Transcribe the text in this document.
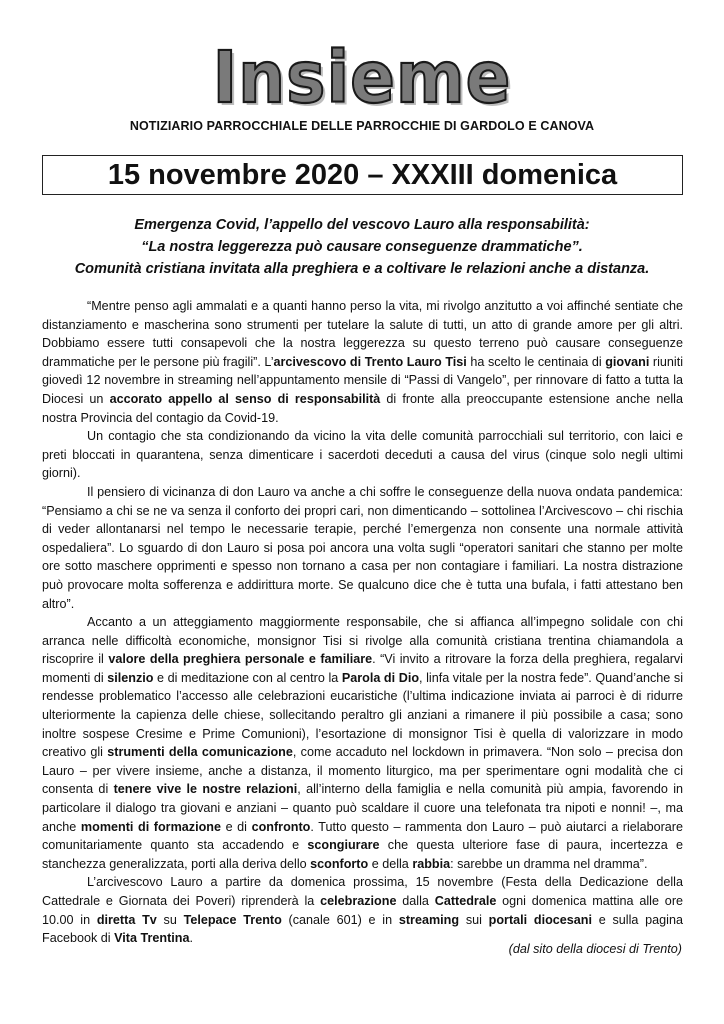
Insieme
NOTIZIARIO PARROCCHIALE DELLE PARROCCHIE DI GARDOLO E CANOVA
15 novembre 2020 – XXXIII domenica
Emergenza Covid, l’appello del vescovo Lauro alla responsabilità:
“La nostra leggerezza può causare conseguenze drammatiche”.
Comunità cristiana invitata alla preghiera e a coltivare le relazioni anche a distanza.

“Mentre penso agli ammalati e a quanti hanno perso la vita, mi rivolgo anzitutto a voi affinché sentiate che distanziamento e mascherina sono strumenti per tutelare la salute di tutti, un atto di grande amore per gli altri. Dobbiamo essere tutti consapevoli che la nostra leggerezza su questo terreno può causare conseguenze drammatiche per le persone più fragili”. L’arcivescovo di Trento Lauro Tisi ha scelto le centinaia di giovani riuniti giovedì 12 novembre in streaming nell’appuntamento mensile di “Passi di Vangelo”, per rinnovare di fatto a tutta la Diocesi un accorato appello al senso di responsabilità di fronte alla preoccupante estensione anche nella nostra Provincia del contagio da Covid-19.

Un contagio che sta condizionando da vicino la vita delle comunità parrocchiali sul territorio, con laici e preti bloccati in quarantena, senza dimenticare i sacerdoti deceduti a causa del virus (cinque solo negli ultimi giorni).

Il pensiero di vicinanza di don Lauro va anche a chi soffre le conseguenze della nuova ondata pandemica: “Pensiamo a chi se ne va senza il conforto dei propri cari, non dimenticando – sottolinea l’Arcivescovo – chi rischia di veder allontanarsi nel tempo le necessarie terapie, perché l’emergenza non consente una normale attività ospedaliera”. Lo sguardo di don Lauro si posa poi ancora una volta sugli “operatori sanitari che stanno per molte ore sotto maschere opprimenti e spesso non tornano a casa per non contagiare i familiari. La nostra distrazione può provocare molta sofferenza e addirittura morte. Se qualcuno dice che è tutta una bufala, i fatti attestano ben altro”.

Accanto a un atteggiamento maggiormente responsabile, che si affianca all’impegno solidale con chi arranca nelle difficoltà economiche, monsignor Tisi si rivolge alla comunità cristiana trentina chiamandola a riscoprire il valore della preghiera personale e familiare. “Vi invito a ritrovare la forza della preghiera, regalarvi momenti di silenzio e di meditazione con al centro la Parola di Dio, linfa vitale per la nostra fede”. Quand’anche si rendesse problematico l’accesso alle celebrazioni eucaristiche (l’ultima indicazione inviata ai parroci è di ridurre ulteriormente la capienza delle chiese, sollecitando peraltro gli anziani a rimanere il più possibile a casa; sono inoltre sospese Cresime e Prime Comunioni), l’esortazione di monsignor Tisi è quella di valorizzare in modo creativo gli strumenti della comunicazione, come accaduto nel lockdown in primavera. “Non solo – precisa don Lauro – per vivere insieme, anche a distanza, il momento liturgico, ma per sperimentare ogni modalità che ci consenta di tenere vive le nostre relazioni, all’interno della famiglia e nella comunità più ampia, favorendo in particolare il dialogo tra giovani e anziani – quanto può scaldare il cuore una telefonata tra nipoti e nonni! –, ma anche momenti di formazione e di confronto. Tutto questo – rammenta don Lauro – può aiutarci a rielaborare comunitariamente quanto sta accadendo e scongiurare che questa ulteriore fase di paura, incertezza e stanchezza generalizzata, porti alla deriva dello sconforto e della rabbia: sarebbe un dramma nel dramma”.

L’arcivescovo Lauro a partire da domenica prossima, 15 novembre (Festa della Dedicazione della Cattedrale e Giornata dei Poveri) riprenderà la celebrazione dalla Cattedrale ogni domenica mattina alle ore 10.00 in diretta Tv su Telepace Trento (canale 601) e in streaming sui portali diocesani e sulla pagina Facebook di Vita Trentina.

(dal sito della diocesi di Trento)
